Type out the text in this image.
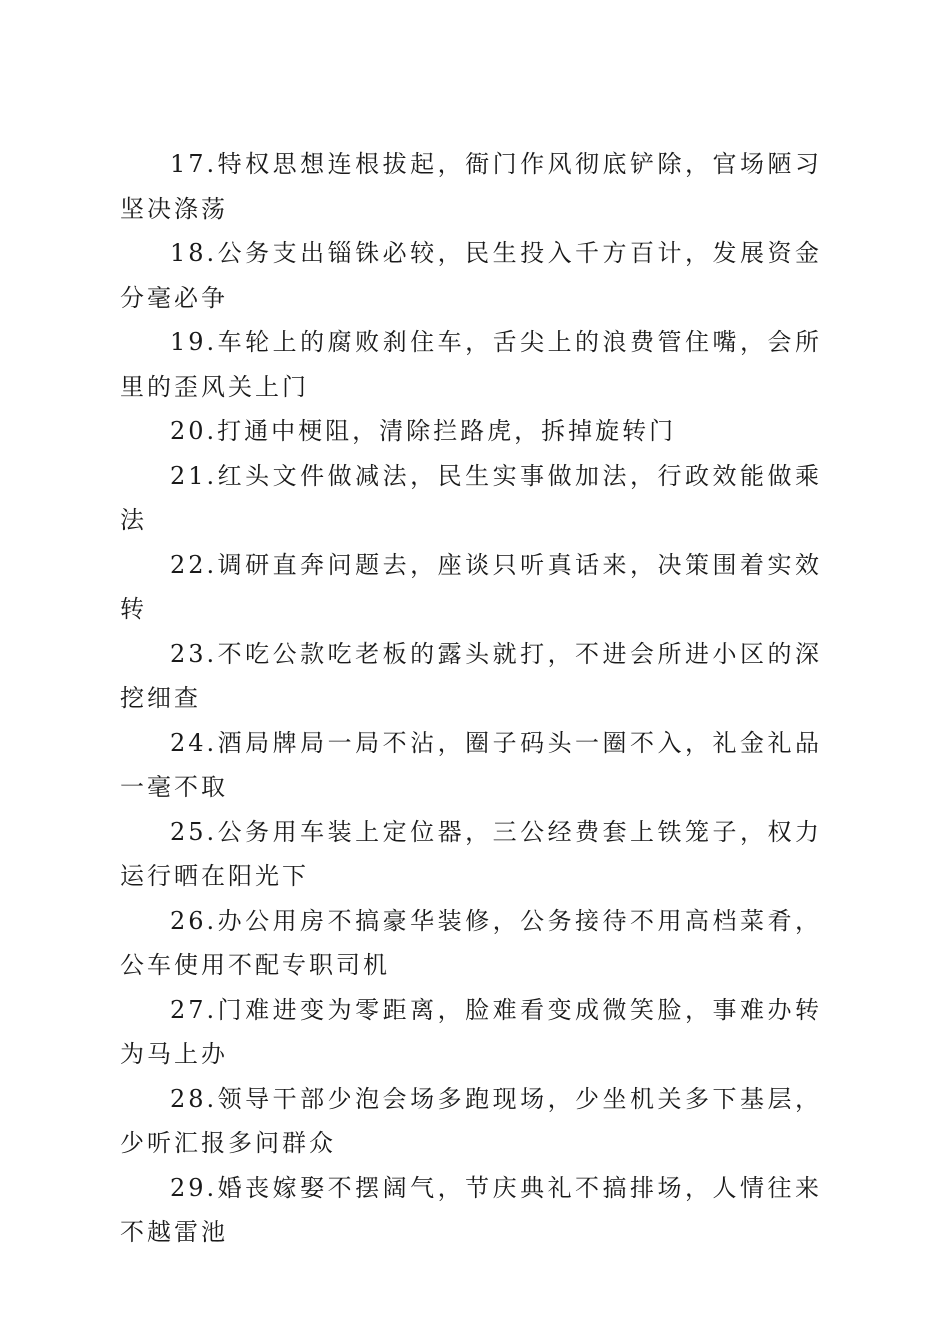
17.特权思想连根拔起，衙门作风彻底铲除，官场陋习坚决涤荡

18.公务支出锱铢必较，民生投入千方百计，发展资金分毫必争

19.车轮上的腐败刹住车，舌尖上的浪费管住嘴，会所里的歪风关上门

20.打通中梗阻，清除拦路虎，拆掉旋转门

21.红头文件做减法，民生实事做加法，行政效能做乘法

22.调研直奔问题去，座谈只听真话来，决策围着实效转

23.不吃公款吃老板的露头就打，不进会所进小区的深挖细查

24.酒局牌局一局不沾，圈子码头一圈不入，礼金礼品一毫不取

25.公务用车装上定位器，三公经费套上铁笼子，权力运行晒在阳光下

26.办公用房不搞豪华装修，公务接待不用高档菜肴，公车使用不配专职司机

27.门难进变为零距离，脸难看变成微笑脸，事难办转为马上办

28.领导干部少泡会场多跑现场，少坐机关多下基层，少听汇报多问群众

29.婚丧嫁娶不摆阔气，节庆典礼不搞排场，人情往来不越雷池
